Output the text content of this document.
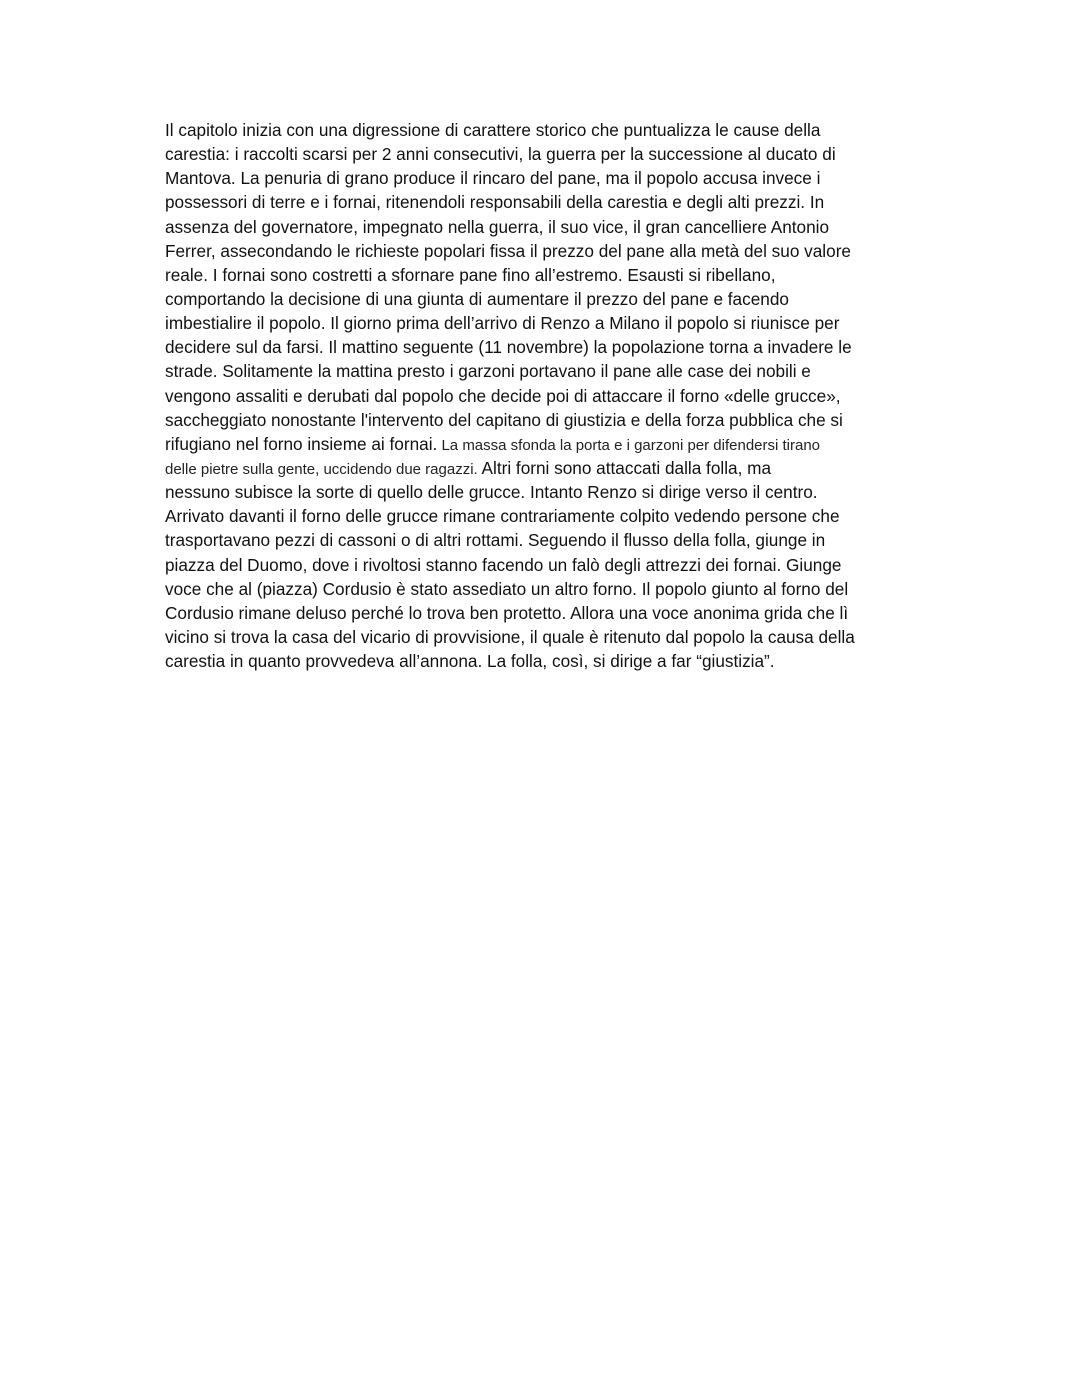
Il capitolo inizia con una digressione di carattere storico che puntualizza le cause della
carestia: i raccolti scarsi per 2 anni consecutivi, la guerra per la successione al ducato di
Mantova. La penuria di grano produce il rincaro del pane, ma il popolo accusa invece i
possessori di terre e i fornai, ritenendoli responsabili della carestia e degli alti prezzi. In
assenza del governatore, impegnato nella guerra, il suo vice, il gran cancelliere Antonio
Ferrer, assecondando le richieste popolari fissa il prezzo del pane alla metà del suo valore
reale. I fornai sono costretti a sfornare pane fino all’estremo. Esausti si ribellano,
comportando la decisione di una giunta di aumentare il prezzo del pane e facendo
imbestialire il popolo. Il giorno prima dell’arrivo di Renzo a Milano il popolo si riunisce per
decidere sul da farsi. Il mattino seguente (11 novembre) la popolazione torna a invadere le
strade. Solitamente la mattina presto i garzoni portavano il pane alle case dei nobili e
vengono assaliti e derubati dal popolo che decide poi di attaccare il forno «delle grucce»,
saccheggiato nonostante l'intervento del capitano di giustizia e della forza pubblica che si
rifugiano nel forno insieme ai fornai. La massa sfonda la porta e i garzoni per difendersi tirano
delle pietre sulla gente, uccidendo due ragazzi. Altri forni sono attaccati dalla folla, ma
nessuno subisce la sorte di quello delle grucce. Intanto Renzo si dirige verso il centro.
Arrivato davanti il forno delle grucce rimane contrariamente colpito vedendo persone che
trasportavano pezzi di cassoni o di altri rottami. Seguendo il flusso della folla, giunge in
piazza del Duomo, dove i rivoltosi stanno facendo un falò degli attrezzi dei fornai. Giunge
voce che al (piazza) Cordusio è stato assediato un altro forno. Il popolo giunto al forno del
Cordusio rimane deluso perché lo trova ben protetto. Allora una voce anonima grida che lì
vicino si trova la casa del vicario di provvisione, il quale è ritenuto dal popolo la causa della
carestia in quanto provvedeva all’annona. La folla, così, si dirige a far “giustizia”.
